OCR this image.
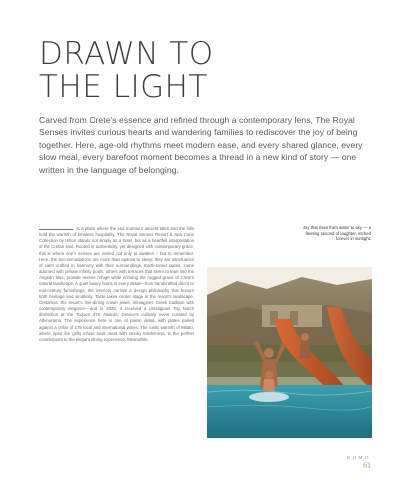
DRAWN TO
THE LIGHT

Carved from Crete's essence and refined through a contemporary lens, The Royal Senses invites curious hearts and wandering families to rediscover the joy of being together. Here, age-old rhythms meet modern ease, and every shared glance, every slow meal, every barefoot moment becomes a thread in a new kind of story — one written in the language of belonging.

is a place where the sea murmurs ancient tales and the hills hold the warmth of timeless hospitality, The Royal Senses Resort & Spa Curio Collection by Hilton stands not simply as a hotel, but as a heartfelt interpretation of the Cretan soul. Rooted in authenticity, yet designed with contemporary grace, this is where one's senses are invited not only to awaken – but to remember. Here, the accommodations are more than spaces to sleep; they are sanctuaries of calm crafted in harmony with their surroundings. Earth-toned suites, some adorned with private infinity pools, others with terraces that seem to lean into the Aegean blue, provide serene refuge while echoing the rugged grace of Crete's natural landscape. A quiet luxury hums in every detail—from handcrafted décor to mid-century furnishings, the interiors narrate a design philosophy that honors both heritage and simplicity. Taste takes center stage in the resort's landscape. Cretamos, the resort's fine-dining crown jewel, reimagines Greek tradition with contemporary elegance—and in 2025, it received a prestigious Top Notch distinction at the Toques d'Or Awards, Greece's culinary event curated by Athinorama. The experience here is one of poetic detail, with plates paired against a cellar of 175 local and international wines. The rustic warmth of Mitato, where open fire grills infuse local meat with smoky tenderness, is the perfect counterpoint to the elegant dining experience. Meanwhile,

Joy that rises from water to sky — a fleeting second of laughter, etched forever in sunlight.

NUMO

61
